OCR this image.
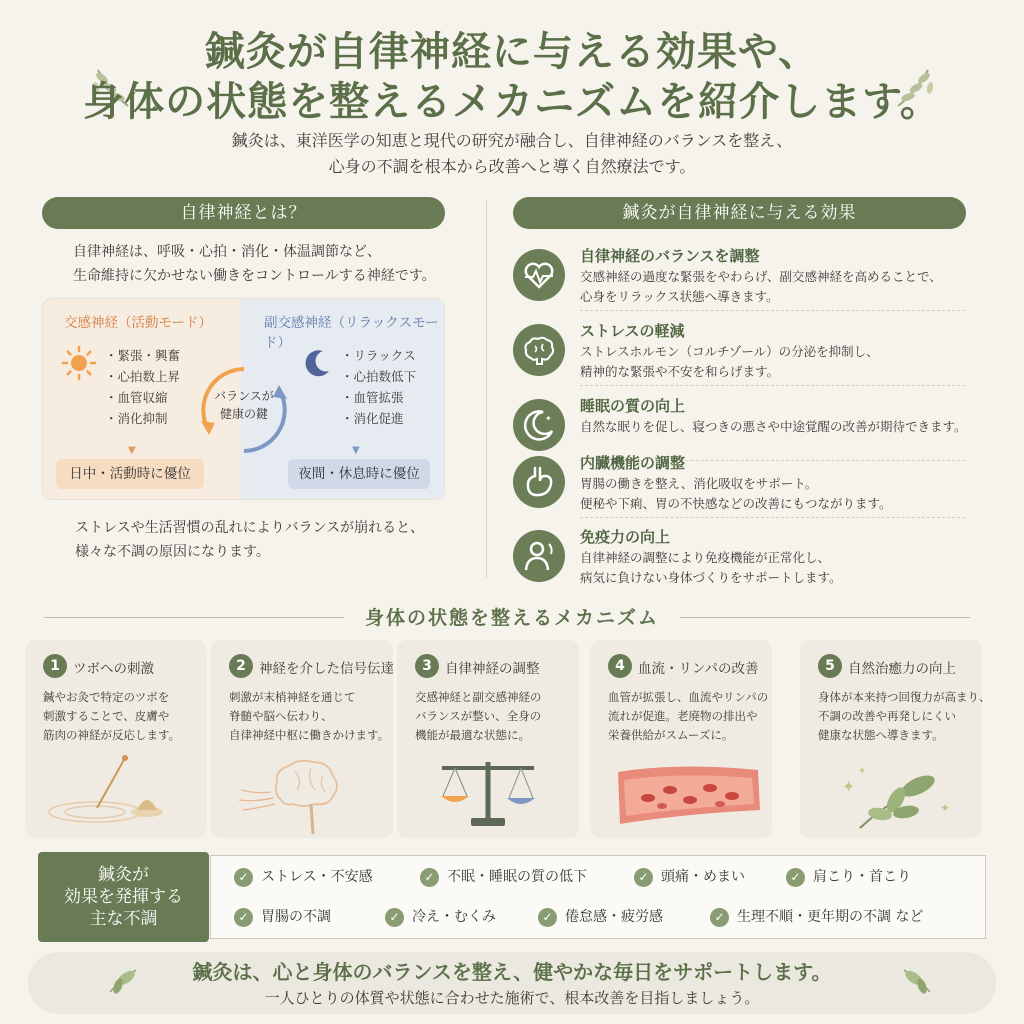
鍼灸が自律神経に与える効果や、
身体の状態を整えるメカニズムを紹介します。
鍼灸は、東洋医学の知恵と現代の研究が融合し、自律神経のバランスを整え、
心身の不調を根本から改善へと導く自然療法です。
自律神経とは？
自律神経は、呼吸・心拍・消化・体温調節など、
生命維持に欠かせない働きをコントロールする神経です。
交感神経（活動モード）
・緊張・興奮
・心拍数上昇
・血管収縮
・消化抑制
▼
日中・活動時に優位
副交感神経（リラックスモード）
・リラックス
・心拍数低下
・血管拡張
・消化促進
▼
夜間・休息時に優位
バランスが
健康の鍵
ストレスや生活習慣の乱れによりバランスが崩れると、
様々な不調の原因になります。
鍼灸が自律神経に与える効果
自律神経のバランスを調整
交感神経の過度な緊張をやわらげ、副交感神経を高めることで、
心身をリラックス状態へ導きます。
ストレスの軽減
ストレスホルモン（コルチゾール）の分泌を抑制し、
精神的な緊張や不安を和らげます。
✦
睡眠の質の向上
自然な眠りを促し、寝つきの悪さや中途覚醒の改善が期待できます。
内臓機能の調整
胃腸の働きを整え、消化吸収をサポート。
便秘や下痢、胃の不快感などの改善にもつながります。
免疫力の向上
自律神経の調整により免疫機能が正常化し、
病気に負けない身体づくりをサポートします。
身体の状態を整えるメカニズム
1 ツボへの刺激
鍼やお灸で特定のツボを
刺激することで、皮膚や
筋肉の神経が反応します。
2 神経を介した信号伝達
刺激が末梢神経を通じて
脊髄や脳へ伝わり、
自律神経中枢に働きかけます。
3 自律神経の調整
交感神経と副交感神経の
バランスが整い、全身の
機能が最適な状態に。
4 血流・リンパの改善
血管が拡張し、血流やリンパの
流れが促進。老廃物の排出や
栄養供給がスムーズに。
5 自然治癒力の向上
身体が本来持つ回復力が高まり、
不調の改善や再発しにくい
健康な状態へ導きます。
✦
✦
✦
鍼灸が
効果を発揮する
主な不調
✓ ストレス・不安感	✓ 不眠・睡眠の質の低下	✓ 頭痛・めまい	✓ 肩こり・首こり
✓ 胃腸の不調	✓ 冷え・むくみ	✓ 倦怠感・疲労感	✓ 生理不順・更年期の不調 など
鍼灸は、心と身体のバランスを整え、健やかな毎日をサポートします。
一人ひとりの体質や状態に合わせた施術で、根本改善を目指しましょう。
